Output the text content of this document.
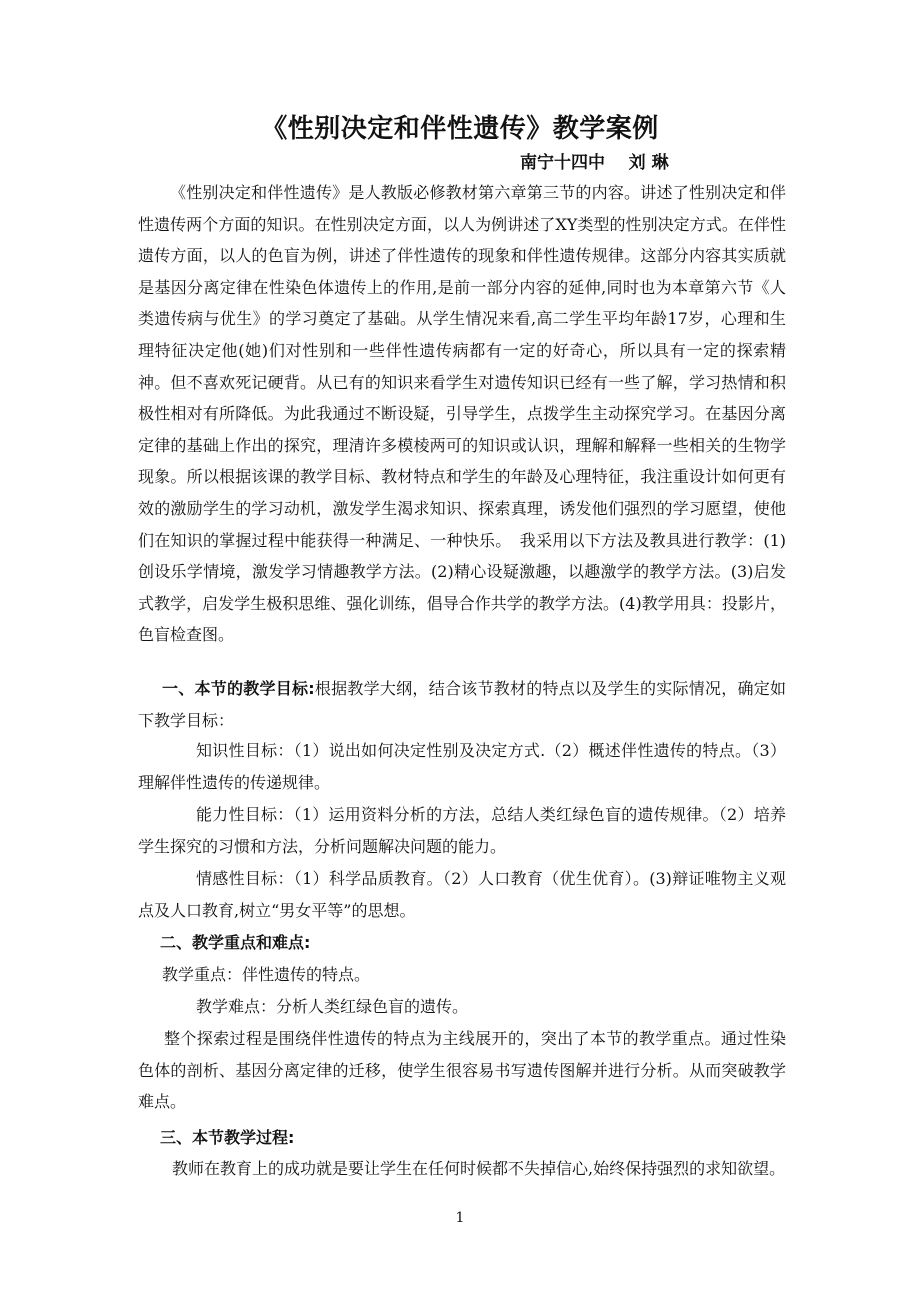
《性别决定和伴性遗传》教学案例
南宁十四中    刘 琳
《性别决定和伴性遗传》是人教版必修教材第六章第三节的内容。讲述了性别决定和伴性遗传两个方面的知识。在性别决定方面，以人为例讲述了XY类型的性别决定方式。在伴性遗传方面，以人的色盲为例，讲述了伴性遗传的现象和伴性遗传规律。这部分内容其实质就是基因分离定律在性染色体遗传上的作用,是前一部分内容的延伸,同时也为本章第六节《人类遗传病与优生》的学习奠定了基础。从学生情况来看,高二学生平均年龄17岁，心理和生理特征决定他(她)们对性别和一些伴性遗传病都有一定的好奇心，所以具有一定的探索精神。但不喜欢死记硬背。从已有的知识来看学生对遗传知识已经有一些了解，学习热情和积极性相对有所降低。为此我通过不断设疑，引导学生，点拨学生主动探究学习。在基因分离定律的基础上作出的探究，理清许多模棱两可的知识或认识，理解和解释一些相关的生物学现象。所以根据该课的教学目标、教材特点和学生的年龄及心理特征，我注重设计如何更有效的激励学生的学习动机，激发学生渴求知识、探索真理，诱发他们强烈的学习愿望，使他们在知识的掌握过程中能获得一种满足、一种快乐。　我采用以下方法及教具进行教学：(1)创设乐学情境，激发学习情趣教学方法。(2)精心设疑激趣，以趣激学的教学方法。(3)启发式教学，启发学生极积思维、强化训练，倡导合作共学的教学方法。(4)教学用具：投影片，色盲检查图。
一、本节的教学目标:根据教学大纲，结合该节教材的特点以及学生的实际情况，确定如下教学目标：
知识性目标：（1）说出如何决定性别及决定方式.（2）概述伴性遗传的特点。（3）理解伴性遗传的传递规律。
能力性目标：（1）运用资料分析的方法，总结人类红绿色盲的遗传规律。（2）培养学生探究的习惯和方法，分析问题解决问题的能力。
情感性目标：（1）科学品质教育。（2）人口教育（优生优育）。(3)辩证唯物主义观点及人口教育,树立“男女平等”的思想。
二、教学重点和难点:
教学重点：伴性遗传的特点。
教学难点：分析人类红绿色盲的遗传。
整个探索过程是围绕伴性遗传的特点为主线展开的，突出了本节的教学重点。通过性染色体的剖析、基因分离定律的迁移，使学生很容易书写遗传图解并进行分析。从而突破教学难点。
三、本节教学过程:
教师在教育上的成功就是要让学生在任何时候都不失掉信心,始终保持强烈的求知欲望。
1
